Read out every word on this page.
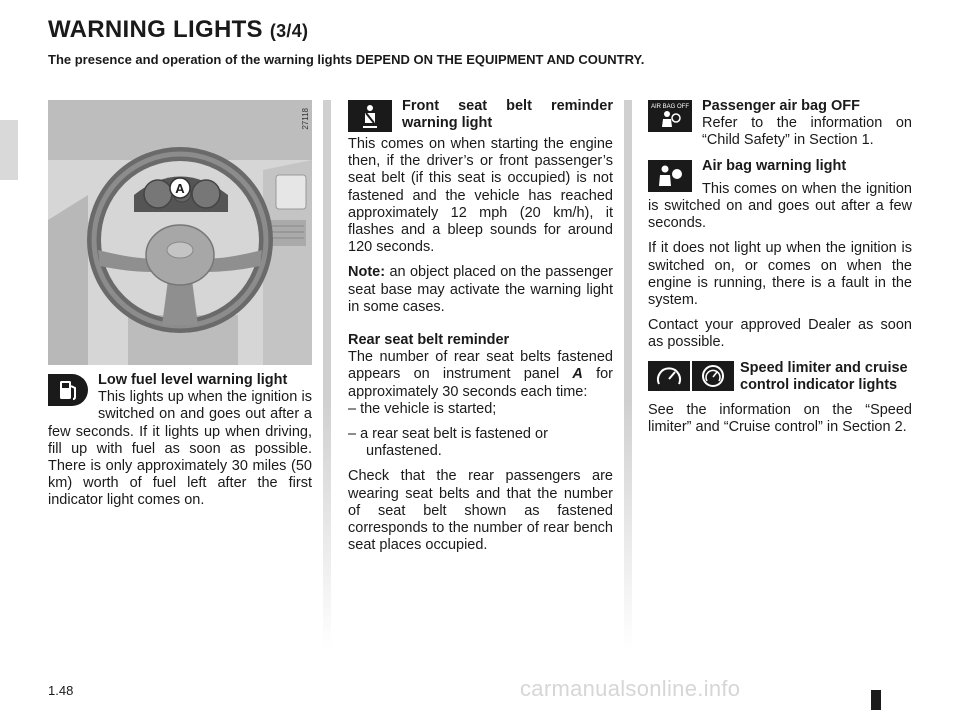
WARNING LIGHTS (3/4)

The presence and operation of the warning lights DEPEND ON THE EQUIPMENT AND COUNTRY.

A
27118

Low fuel level warning light
This lights up when the ignition is switched on and goes out after a few seconds. If it lights up when driving, fill up with fuel as soon as possible. There is only approximately 30 miles (50 km) worth of fuel left after the first indicator light comes on.

Front seat belt reminder warning light

This comes on when starting the engine then, if the driver’s or front passenger’s seat belt (if this seat is occupied) is not fastened and the vehicle has reached approximately 12 mph (20 km/h), it flashes and a bleep sounds for around 120 seconds.

Note: an object placed on the passenger seat base may activate the warning light in some cases.

Rear seat belt reminder

The number of rear seat belts fastened appears on instrument panel A for approximately 30 seconds each time:

– the vehicle is started;

– a rear seat belt is fastened or unfastened.

Check that the rear passengers are wearing seat belts and that the number of seat belt shown as fastened corresponds to the number of rear bench seat places occupied.

AIR BAG OFF Passenger air bag OFF
Refer to the information on “Child Safety” in Section 1.

Air bag warning light

This comes on when the ignition is switched on and goes out after a few seconds.

If it does not light up when the ignition is switched on, or comes on when the engine is running, there is a fault in the system.

Contact your approved Dealer as soon as possible.

Speed limiter and cruise control indicator lights

See the information on the “Speed limiter” and “Cruise control” in Section 2.

1.48	carmanualsonline.info
